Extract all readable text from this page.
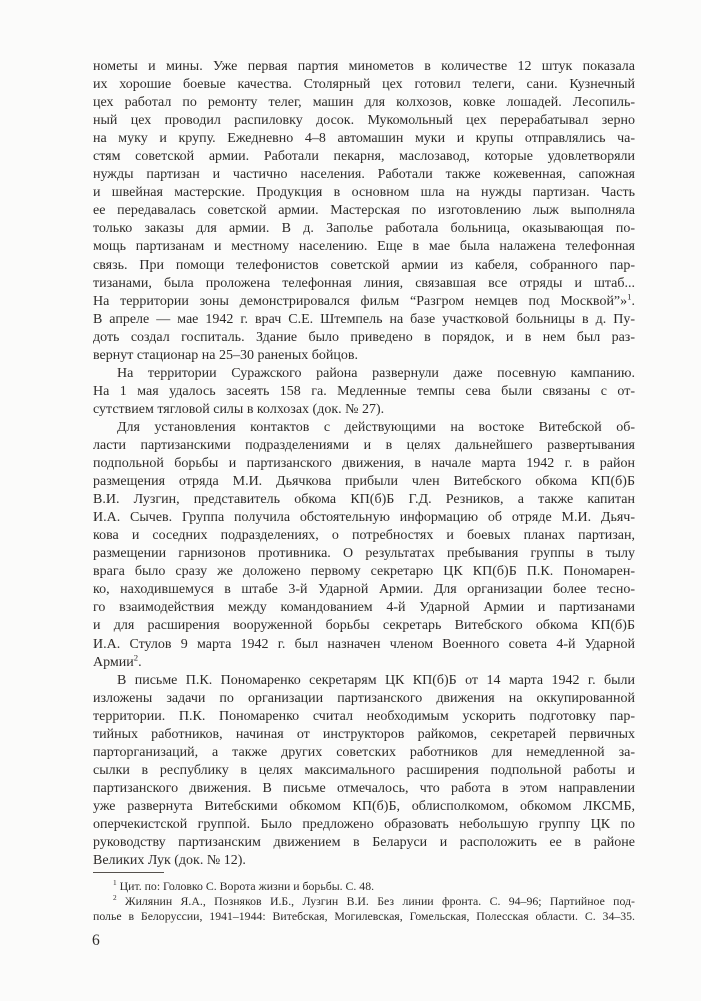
нометы и мины. Уже первая партия минометов в количестве 12 штук показала
их хорошие боевые качества. Столярный цех готовил телеги, сани. Кузнечный
цех работал по ремонту телег, машин для колхозов, ковке лошадей. Лесопиль-
ный цех проводил распиловку досок. Мукомольный цех перерабатывал зерно
на муку и крупу. Ежедневно 4–8 автомашин муки и крупы отправлялись ча-
стям советской армии. Работали пекарня, маслозавод, которые удовлетворяли
нужды партизан и частично населения. Работали также кожевенная, сапожная
и швейная мастерские. Продукция в основном шла на нужды партизан. Часть
ее передавалась советской армии. Мастерская по изготовлению лыж выполняла
только заказы для армии. В д. Заполье работала больница, оказывающая по-
мощь партизанам и местному населению. Еще в мае была налажена телефонная
связь. При помощи телефонистов советской армии из кабеля, собранного пар-
тизанами, была проложена телефонная линия, связавшая все отряды и штаб...
На территории зоны демонстрировался фильм “Разгром немцев под Москвой”»$^1$.
В апреле — мае 1942 г. врач С.Е. Штемпель на базе участковой больницы в д. Пу-
доть создал госпиталь. Здание было приведено в порядок, и в нем был раз-
вернут стационар на 25–30 раненых бойцов.
На территории Суражского района развернули даже посевную кампанию.
На 1 мая удалось засеять 158 га. Медленные темпы сева были связаны с от-
сутствием тягловой силы в колхозах (док. № 27).
Для установления контактов с действующими на востоке Витебской об-
ласти партизанскими подразделениями и в целях дальнейшего развертывания
подпольной борьбы и партизанского движения, в начале марта 1942 г. в район
размещения отряда М.И. Дьячкова прибыли член Витебского обкома КП(б)Б
В.И. Лузгин, представитель обкома КП(б)Б Г.Д. Резников, а также капитан
И.А. Сычев. Группа получила обстоятельную информацию об отряде М.И. Дьяч-
кова и соседних подразделениях, о потребностях и боевых планах партизан,
размещении гарнизонов противника. О результатах пребывания группы в тылу
врага было сразу же доложено первому секретарю ЦК КП(б)Б П.К. Пономарен-
ко, находившемуся в штабе 3-й Ударной Армии. Для организации более тесно-
го взаимодействия между командованием 4-й Ударной Армии и партизанами
и для расширения вооруженной борьбы секретарь Витебского обкома КП(б)Б
И.А. Стулов 9 марта 1942 г. был назначен членом Военного совета 4-й Ударной
Армии$^2$.
В письме П.К. Пономаренко секретарям ЦК КП(б)Б от 14 марта 1942 г. были
изложены задачи по организации партизанского движения на оккупированной
территории. П.К. Пономаренко считал необходимым ускорить подготовку пар-
тийных работников, начиная от инструкторов райкомов, секретарей первичных
парторганизаций, а также других советских работников для немедленной за-
сылки в республику в целях максимального расширения подпольной работы и
партизанского движения. В письме отмечалось, что работа в этом направлении
уже развернута Витебскими обкомом КП(б)Б, облисполкомом, обкомом ЛКСМБ,
оперчекистской группой. Было предложено образовать небольшую группу ЦК по
руководству партизанским движением в Беларуси и расположить ее в районе
Великих Лук (док. № 12).
$^1$ Цит. по: Головко С. Ворота жизни и борьбы. С. 48.
$^2$ Жилянин Я.А., Позняков И.Б., Лузгин В.И. Без линии фронта. С. 94–96; Партийное под-
полье в Белоруссии, 1941–1944: Витебская, Могилевская, Гомельская, Полесская области. С. 34–35.
6
